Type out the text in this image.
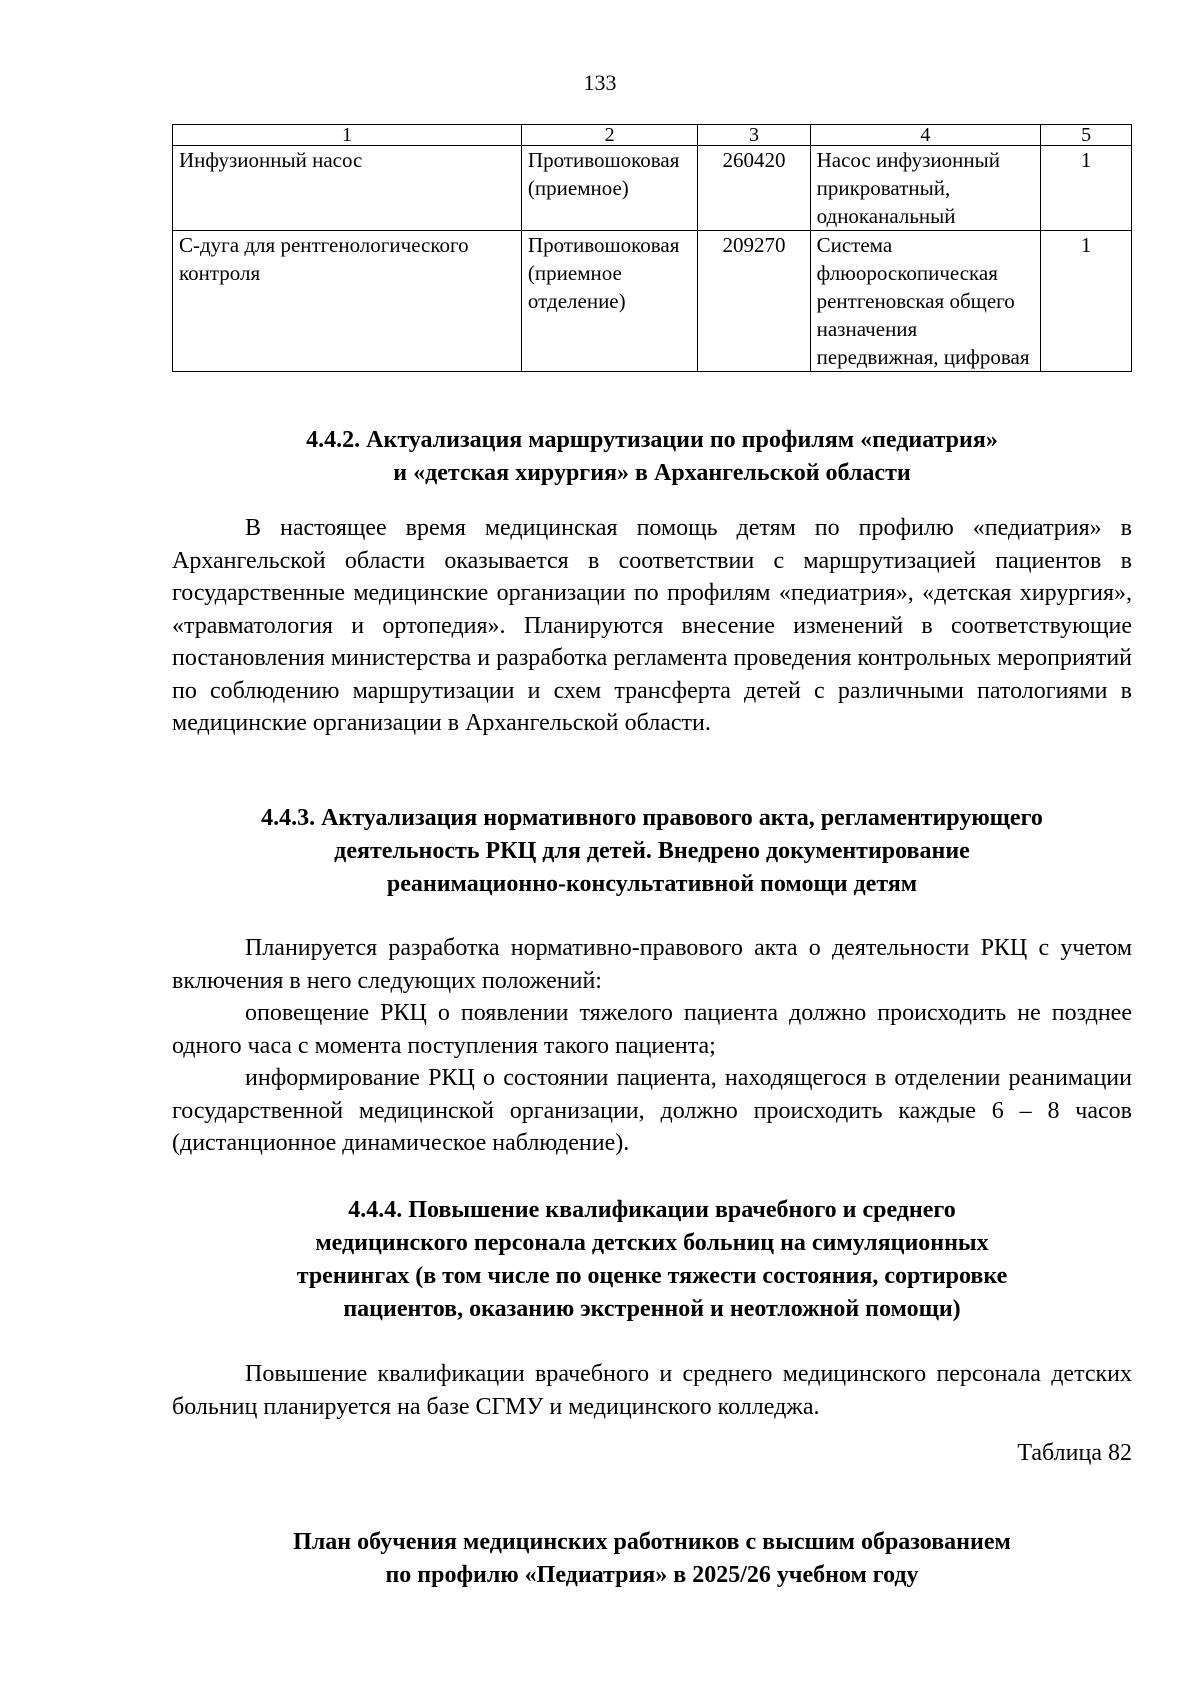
133
1	2	3	4	5
Инфузионный насос	Противошоковая (приемное)	260420	Насос инфузионный прикроватный, одноканальный	1
С-дуга для рентгенологического контроля	Противошоковая (приемное отделение)	209270	Система флюороскопическая рентгеновская общего назначения передвижная, цифровая	1
4.4.2. Актуализация маршрутизации по профилям «педиатрия»
и «детская хирургия» в Архангельской области

В настоящее время медицинская помощь детям по профилю «педиатрия» в Архангельской области оказывается в соответствии с маршрутизацией пациентов в государственные медицинские организации по профилям «педиатрия», «детская хирургия», «травматология и ортопедия». Планируются внесение изменений в соответствующие постановления министерства и разработка регламента проведения контрольных мероприятий по соблюдению маршрутизации и схем трансферта детей с различными патологиями в медицинские организации в Архангельской области.

4.4.3. Актуализация нормативного правового акта, регламентирующего
деятельность РКЦ для детей. Внедрено документирование
реанимационно-консультативной помощи детям

Планируется разработка нормативно-правового акта о деятельности РКЦ с учетом включения в него следующих положений:

оповещение РКЦ о появлении тяжелого пациента должно происходить не позднее одного часа с момента поступления такого пациента;

информирование РКЦ о состоянии пациента, находящегося в отделении реанимации государственной медицинской организации, должно происходить каждые 6 – 8 часов (дистанционное динамическое наблюдение).

4.4.4. Повышение квалификации врачебного и среднего
медицинского персонала детских больниц на симуляционных
тренингах (в том числе по оценке тяжести состояния, сортировке
пациентов, оказанию экстренной и неотложной помощи)

Повышение квалификации врачебного и среднего медицинского персонала детских больниц планируется на базе СГМУ и медицинского колледжа.

Таблица 82
План обучения медицинских работников с высшим образованием
по профилю «Педиатрия» в 2025/26 учебном году
